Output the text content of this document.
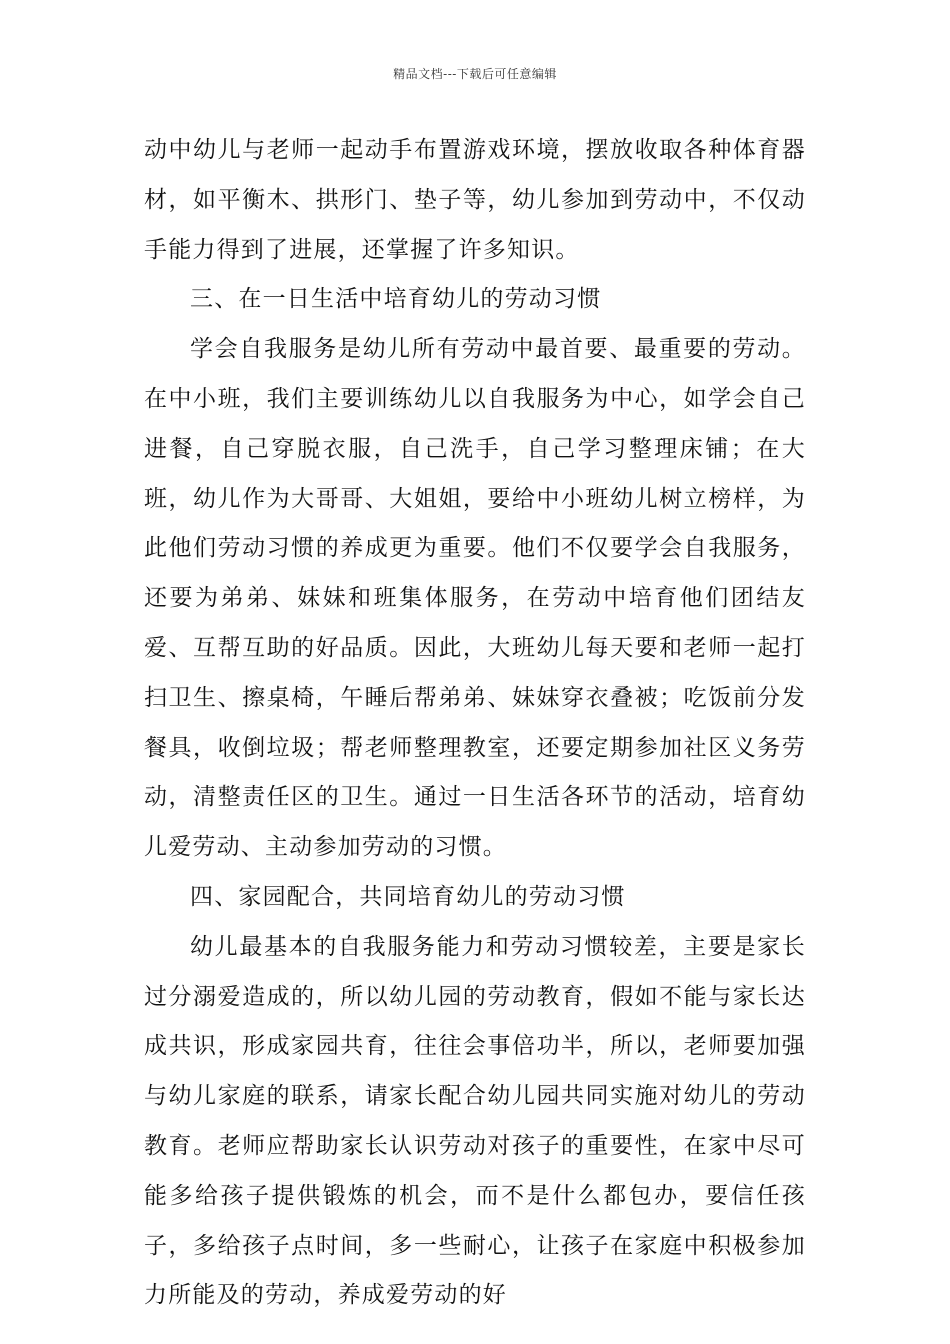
精品文档---下载后可任意编辑

动中幼儿与老师一起动手布置游戏环境，摆放收取各种体育器材，如平衡木、拱形门、垫子等，幼儿参加到劳动中，不仅动手能力得到了进展，还掌握了许多知识。

三、在一日生活中培育幼儿的劳动习惯

学会自我服务是幼儿所有劳动中最首要、最重要的劳动。在中小班，我们主要训练幼儿以自我服务为中心，如学会自己进餐，自己穿脱衣服，自己洗手，自己学习整理床铺；在大班，幼儿作为大哥哥、大姐姐，要给中小班幼儿树立榜样，为此他们劳动习惯的养成更为重要。他们不仅要学会自我服务，还要为弟弟、妹妹和班集体服务，在劳动中培育他们团结友爱、互帮互助的好品质。因此，大班幼儿每天要和老师一起打扫卫生、擦桌椅，午睡后帮弟弟、妹妹穿衣叠被；吃饭前分发餐具，收倒垃圾；帮老师整理教室，还要定期参加社区义务劳动，清整责任区的卫生。通过一日生活各环节的活动，培育幼儿爱劳动、主动参加劳动的习惯。

四、家园配合，共同培育幼儿的劳动习惯

幼儿最基本的自我服务能力和劳动习惯较差，主要是家长过分溺爱造成的，所以幼儿园的劳动教育，假如不能与家长达成共识，形成家园共育，往往会事倍功半，所以，老师要加强与幼儿家庭的联系，请家长配合幼儿园共同实施对幼儿的劳动教育。老师应帮助家长认识劳动对孩子的重要性，在家中尽可能多给孩子提供锻炼的机会，而不是什么都包办，要信任孩子，多给孩子点时间，多一些耐心，让孩子在家庭中积极参加力所能及的劳动，养成爱劳动的好
